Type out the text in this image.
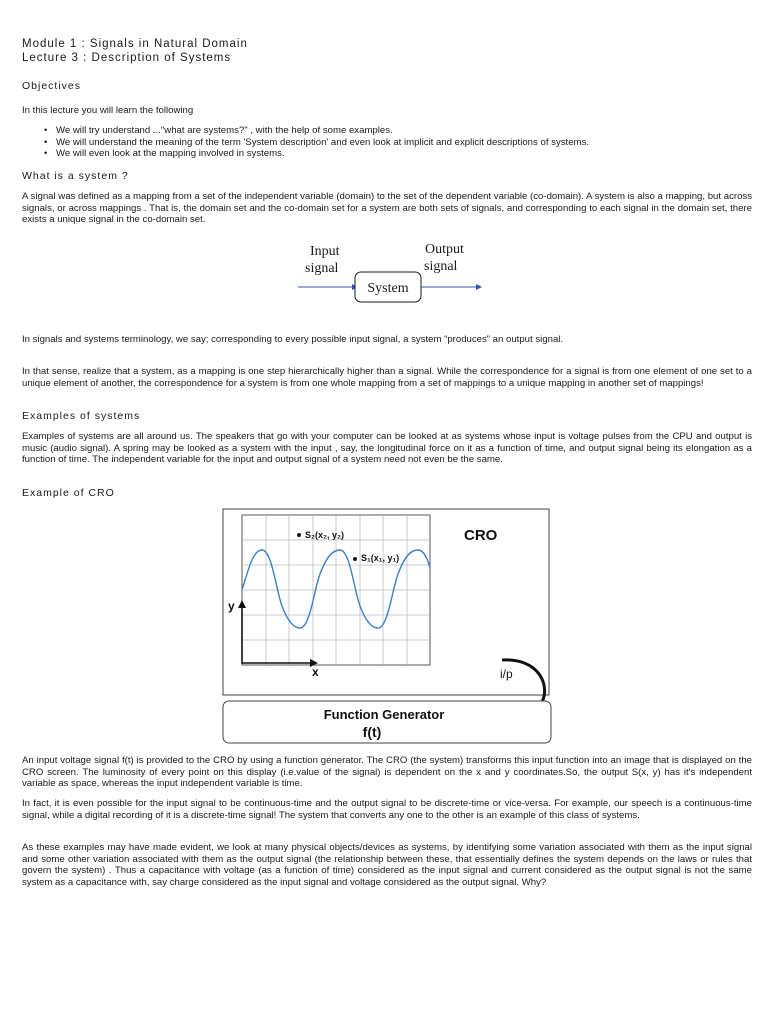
Module 1 : Signals in Natural Domain
Lecture 3 : Description of Systems
Objectives
In this lecture you will learn the following
• We will try understand ..."what are systems?" , with the help of some examples.
• We will understand the meaning of the term 'System description' and even look at implicit and explicit descriptions of systems.
• We will even look at the mapping involved in systems.
What is a system ?
A signal was defined as a mapping from a set of the independent variable (domain) to the set of the dependent variable (co-domain). A system is also a mapping, but across signals, or across mappings . That is, the domain set and the co-domain set for a system are both sets of signals, and corresponding to each signal in the domain set, there exists a unique signal in the co-domain set.
Input
signal
Output
signal
System
In signals and systems terminology, we say; corresponding to every possible input signal, a system “produces” an output signal.
In that sense, realize that a system, as a mapping is one step hierarchically higher than a signal. While the correspondence for a signal is from one element of one set to a unique element of another, the correspondence for a system is from one whole mapping from a set of mappings to a unique mapping in another set of mappings!
Examples of systems
Examples of systems are all around us. The speakers that go with your computer can be looked at as systems whose input is voltage pulses from the CPU and output is music (audio signal). A spring may be looked as a system with the input , say, the longitudinal force on it as a function of time, and output signal being its elongation as a function of time. The independent variable for the input and output signal of a system need not even be the same.
Example of CRO
y
x
S₂(x₂, y₂)
S₁(x₁, y₁)
CRO
i/p
Function Generator
f(t)
An input voltage signal f(t) is provided to the CRO by using a function generator. The CRO (the system) transforms this input function into an image that is displayed on the CRO screen. The luminosity of every point on this display (i.e.value of the signal) is dependent on the x and y coordinates.So, the output S(x, y) has it's independent variable as space, whereas the input independent variable is time.
In fact, it is even possible for the input signal to be continuous-time and the output signal to be discrete-time or vice-versa. For example, our speech is a continuous-time signal, while a digital recording of it is a discrete-time signal! The system that converts any one to the other is an example of this class of systems.
As these examples may have made evident, we look at many physical objects/devices as systems, by identifying some variation associated with them as the input signal and some other variation associated with them as the output signal (the relationship between these, that essentially defines the system depends on the laws or rules that govern the system) . Thus a capacitance with voltage (as a function of time) considered as the input signal and current considered as the output signal is not the same system as a capacitance with, say charge considered as the input signal and voltage considered as the output signal. Why?
